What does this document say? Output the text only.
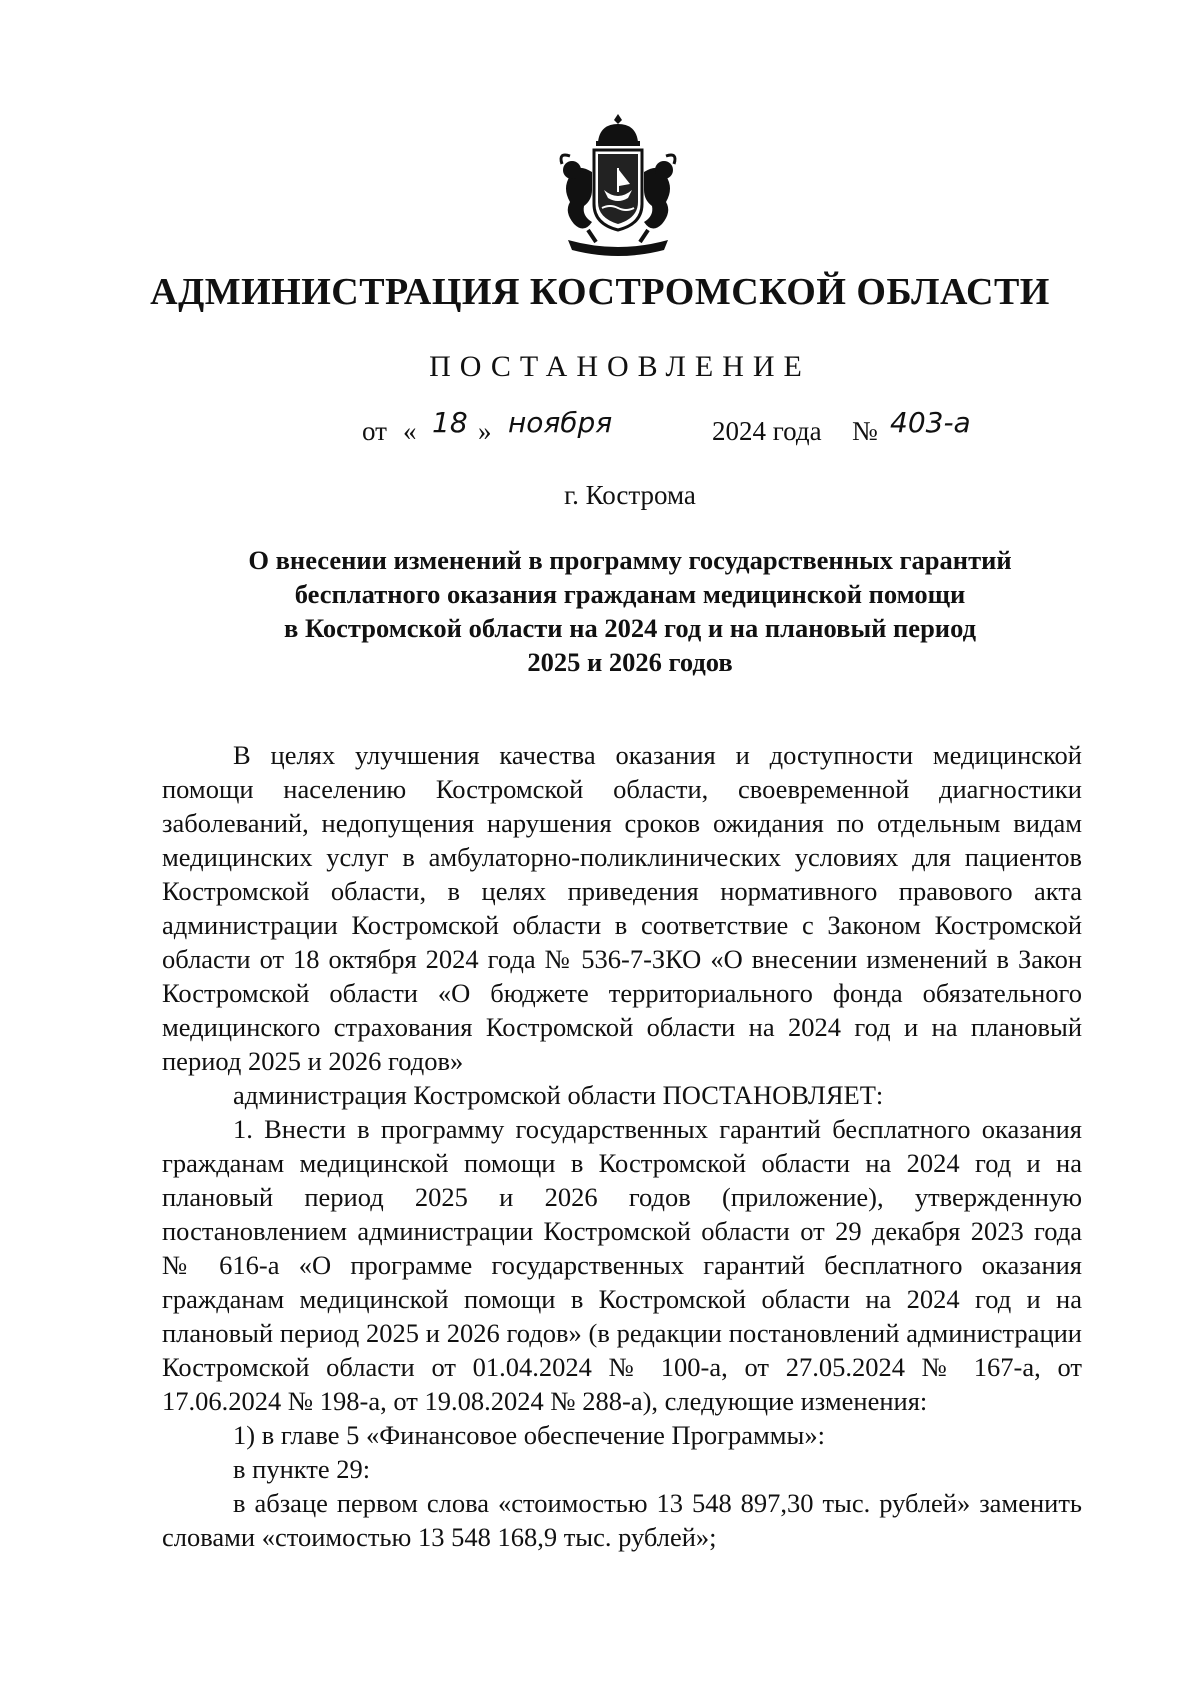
АДМИНИСТРАЦИЯ КОСТРОМСКОЙ ОБЛАСТИ
ПОСТАНОВЛЕНИЕ
от « 18 » ноября	2024 года № 403-а
г. Кострома
О внесении изменений в программу государственных гарантий
бесплатного оказания гражданам медицинской помощи
в Костромской области на 2024 год и на плановый период
2025 и 2026 годов

В целях улучшения качества оказания и доступности медицинской помощи населению Костромской области, своевременной диагностики заболеваний, недопущения нарушения сроков ожидания по отдельным видам медицинских услуг в амбулаторно-поликлинических условиях для пациентов Костромской области, в целях приведения нормативного правового акта администрации Костромской области в соответствие с Законом Костромской области от 18 октября 2024 года № 536-7-ЗКО «О внесении изменений в Закон Костромской области «О бюджете территориального фонда обязательного медицинского страхования Костромской области на 2024 год и на плановый период 2025 и 2026 годов»

администрация Костромской области ПОСТАНОВЛЯЕТ:

1. Внести в программу государственных гарантий бесплатного оказания гражданам медицинской помощи в Костромской области на 2024 год и на плановый период 2025 и 2026 годов (приложение), утвержденную постановлением администрации Костромской области от 29 декабря 2023 года № 616-а «О программе государственных гарантий бесплатного оказания гражданам медицинской помощи в Костромской области на 2024 год и на плановый период 2025 и 2026 годов» (в редакции постановлений администрации Костромской области от 01.04.2024 № 100-а, от 27.05.2024 № 167-а, от 17.06.2024 № 198-а, от 19.08.2024 № 288-а), следующие изменения:

1) в главе 5 «Финансовое обеспечение Программы»:

в пункте 29:

в абзаце первом слова «стоимостью 13 548 897,30 тыс. рублей» заменить словами «стоимостью 13 548 168,9 тыс. рублей»;
